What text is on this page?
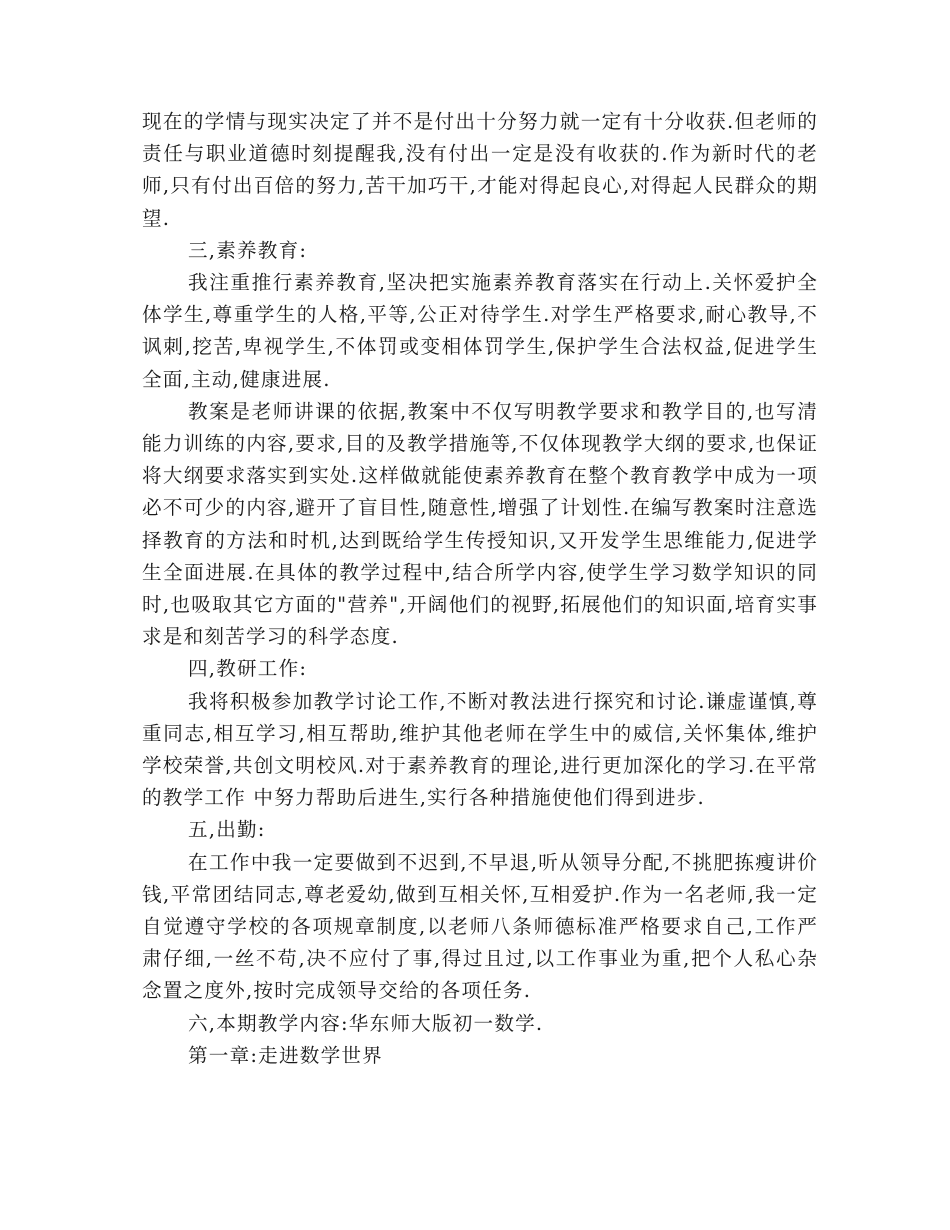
现在的学情与现实决定了并不是付出十分努力就一定有十分收获.但老师的责任与职业道德时刻提醒我,没有付出一定是没有收获的.作为新时代的老师,只有付出百倍的努力,苦干加巧干,才能对得起良心,对得起人民群众的期望.

三,素养教育:

我注重推行素养教育,坚决把实施素养教育落实在行动上.关怀爱护全体学生,尊重学生的人格,平等,公正对待学生.对学生严格要求,耐心教导,不讽刺,挖苦,卑视学生,不体罚或变相体罚学生,保护学生合法权益,促进学生全面,主动,健康进展.

教案是老师讲课的依据,教案中不仅写明教学要求和教学目的,也写清能力训练的内容,要求,目的及教学措施等,不仅体现教学大纲的要求,也保证将大纲要求落实到实处.这样做就能使素养教育在整个教育教学中成为一项必不可少的内容,避开了盲目性,随意性,增强了计划性.在编写教案时注意选择教育的方法和时机,达到既给学生传授知识,又开发学生思维能力,促进学生全面进展.在具体的教学过程中,结合所学内容,使学生学习数学知识的同时,也吸取其它方面的"营养",开阔他们的视野,拓展他们的知识面,培育实事求是和刻苦学习的科学态度.

四,教研工作:

我将积极参加教学讨论工作,不断对教法进行探究和讨论.谦虚谨慎,尊重同志,相互学习,相互帮助,维护其他老师在学生中的威信,关怀集体,维护学校荣誉,共创文明校风.对于素养教育的理论,进行更加深化的学习.在平常的教学工作 中努力帮助后进生,实行各种措施使他们得到进步.

五,出勤:

在工作中我一定要做到不迟到,不早退,听从领导分配,不挑肥拣瘦讲价钱,平常团结同志,尊老爱幼,做到互相关怀,互相爱护.作为一名老师,我一定自觉遵守学校的各项规章制度,以老师八条师德标准严格要求自己,工作严肃仔细,一丝不苟,决不应付了事,得过且过,以工作事业为重,把个人私心杂念置之度外,按时完成领导交给的各项任务.

六,本期教学内容:华东师大版初一数学.

第一章:走进数学世界
